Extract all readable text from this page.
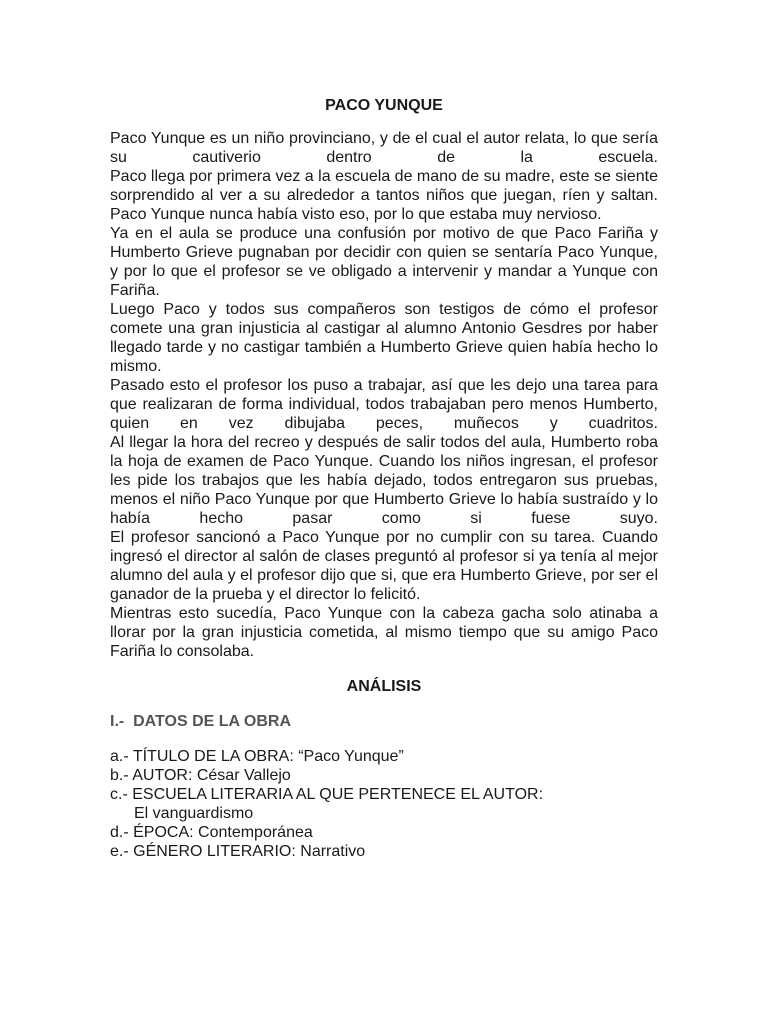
PACO YUNQUE

Paco Yunque es un niño provinciano, y de el cual el autor relata, lo que sería su cautiverio dentro de la escuela.

Paco llega por primera vez a la escuela de mano de su madre, este se siente sorprendido al ver a su alrededor a tantos niños que juegan, ríen y saltan.

Paco Yunque nunca había visto eso, por lo que estaba muy nervioso.

Ya en el aula se produce una confusión por motivo de que Paco Fariña y Humberto Grieve pugnaban por decidir con quien se sentaría Paco Yunque, y por lo que el profesor se ve obligado a intervenir y mandar a Yunque con Fariña.

Luego Paco y todos sus compañeros son testigos de cómo el profesor comete una gran injusticia al castigar al alumno Antonio Gesdres por haber llegado tarde y no castigar también a Humberto Grieve quien había hecho lo mismo.

Pasado esto el profesor los puso a trabajar, así que les dejo una tarea para que realizaran de forma individual, todos trabajaban pero menos Humberto, quien en vez dibujaba peces, muñecos y cuadritos.

Al llegar la hora del recreo y después de salir todos del aula, Humberto roba la hoja de examen de Paco Yunque. Cuando los niños ingresan, el profesor les pide los trabajos que les había dejado, todos entregaron sus pruebas, menos el niño Paco Yunque por que Humberto Grieve lo había sustraído y lo había hecho pasar como si fuese suyo.

El profesor sancionó a Paco Yunque por no cumplir con su tarea. Cuando ingresó el director al salón de clases preguntó al profesor si ya tenía al mejor alumno del aula y el profesor dijo que si, que era Humberto Grieve, por ser el ganador de la prueba y el director lo felicitó.

Mientras esto sucedía, Paco Yunque con la cabeza gacha solo atinaba a llorar por la gran injusticia cometida, al mismo tiempo que su amigo Paco Fariña lo consolaba.

ANÁLISIS
I.-  DATOS DE LA OBRA
a.- TÍTULO DE LA OBRA: “Paco Yunque”
b.- AUTOR: César Vallejo
c.- ESCUELA LITERARIA AL QUE PERTENECE EL AUTOR:
El vanguardismo
d.- ÉPOCA: Contemporánea
e.- GÉNERO LITERARIO: Narrativo
